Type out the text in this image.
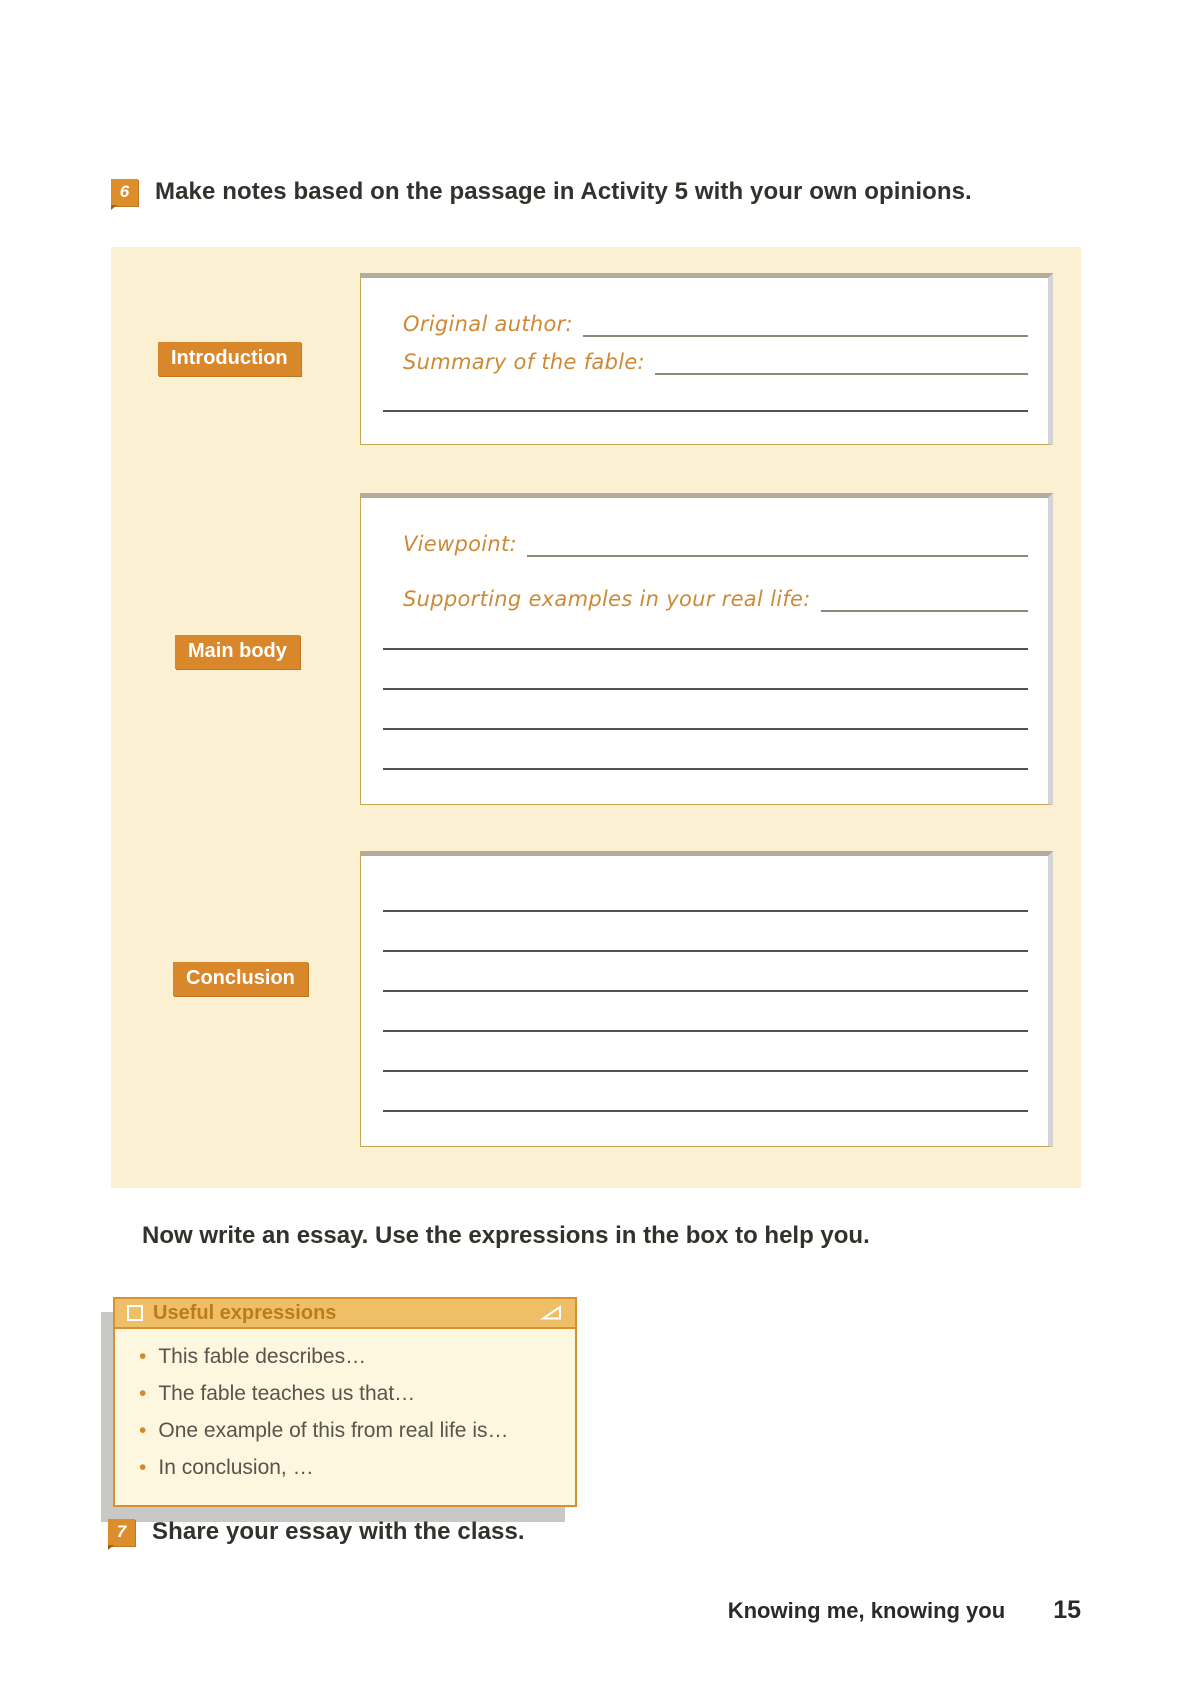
6 Make notes based on the passage in Activity 5 with your own opinions.
Introduction
Main body
Conclusion
Original author:
Summary of the fable:
Viewpoint:
Supporting examples in your real life:
Now write an essay. Use the expressions in the box to help you.
Useful expressions
• This fable describes…
• The fable teaches us that…
• One example of this from real life is…
• In conclusion, …
7 Share your essay with the class.
Knowing me, knowing you 15
